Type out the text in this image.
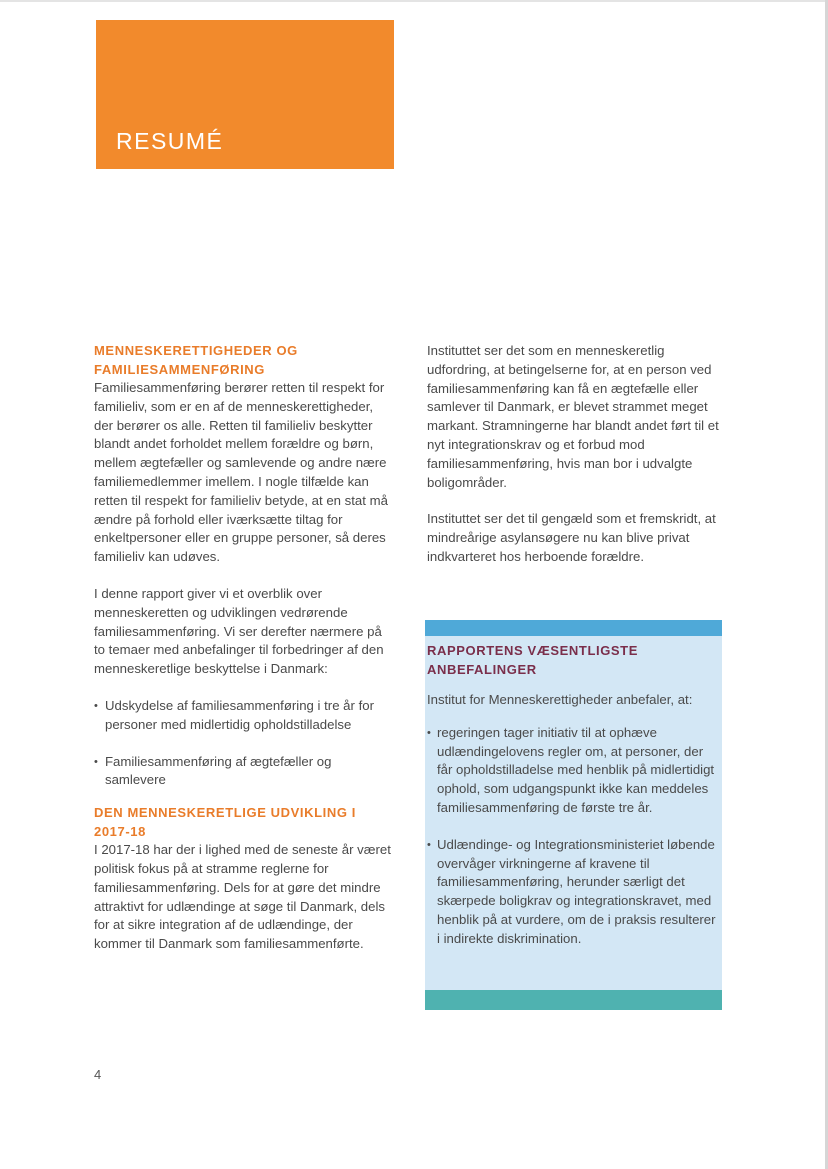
RESUMÉ
MENNESKERETTIGHEDER OG FAMILIESAMMENFØRING

Familiesammenføring berører retten til respekt for familieliv, som er en af de menneskerettigheder, der berører os alle. Retten til familieliv beskytter blandt andet forholdet mellem forældre og børn, mellem ægtefæller og samlevende og andre nære familiemedlemmer imellem. I nogle tilfælde kan retten til respekt for familieliv betyde, at en stat må ændre på forhold eller iværksætte tiltag for enkeltpersoner eller en gruppe personer, så deres familieliv kan udøves.

I denne rapport giver vi et overblik over menneskeretten og udviklingen vedrørende familiesammenføring. Vi ser derefter nærmere på to temaer med anbefalinger til forbedringer af den menneskeretlige beskyttelse i Danmark:

• Udskydelse af familiesammenføring i tre år for personer med midlertidig opholdstilladelse
• Familiesammenføring af ægtefæller og samlevere
DEN MENNESKERETLIGE UDVIKLING I 2017-18

I 2017-18 har der i lighed med de seneste år været politisk fokus på at stramme reglerne for familiesammenføring. Dels for at gøre det mindre attraktivt for udlændinge at søge til Danmark, dels for at sikre integration af de udlændinge, der kommer til Danmark som familiesammenførte.

Instituttet ser det som en menneskeretlig udfordring, at betingelserne for, at en person ved familiesammenføring kan få en ægtefælle eller samlever til Danmark, er blevet strammet meget markant. Stramningerne har blandt andet ført til et nyt integrationskrav og et forbud mod familiesammenføring, hvis man bor i udvalgte boligområder.

Instituttet ser det til gengæld som et fremskridt, at mindreårige asylansøgere nu kan blive privat indkvarteret hos herboende forældre.

RAPPORTENS VÆSENTLIGSTE ANBEFALINGER

Institut for Menneskerettigheder anbefaler, at:

• regeringen tager initiativ til at ophæve udlændingelovens regler om, at personer, der får opholdstilladelse med henblik på midlertidigt ophold, som udgangspunkt ikke kan meddeles familiesammenføring de første tre år.
• Udlændinge- og Integrationsministeriet løbende overvåger virkningerne af kravene til familiesammenføring, herunder særligt det skærpede boligkrav og integrationskravet, med henblik på at vurdere, om de i praksis resulterer i indirekte diskrimination.
4
